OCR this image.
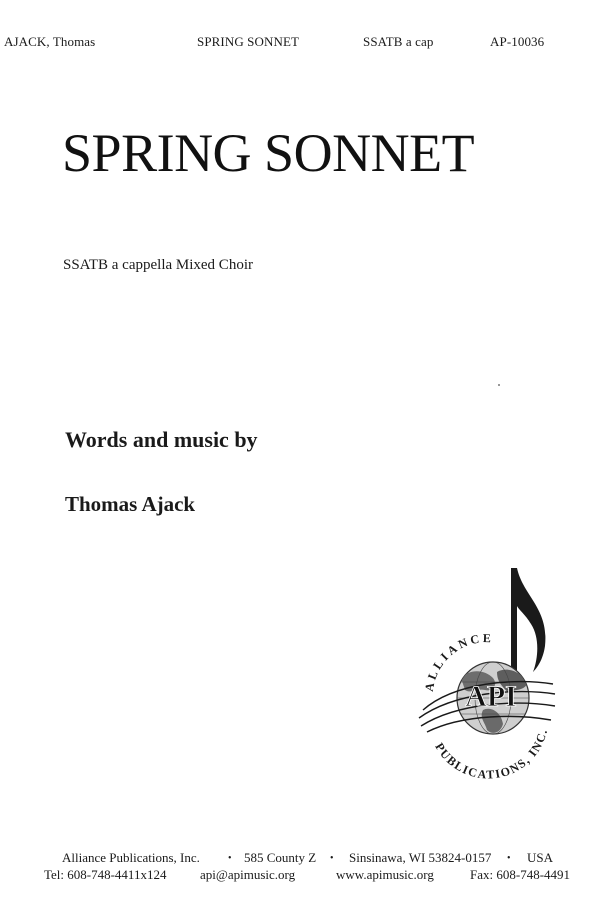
AJACK, Thomas	SPRING SONNET	SSATB a cap	AP-10036
SPRING SONNET
SSATB a cappella Mixed Choir
Words and music by
Thomas Ajack
ALLIANCE
PUBLICATIONS, INC.
API
Alliance Publications, Inc.	• 585 County Z • Sinsinawa, WI 53824-0157 • USA
Tel: 608-748-4411x124	api@apimusic.org	www.apimusic.org	Fax: 608-748-4491
